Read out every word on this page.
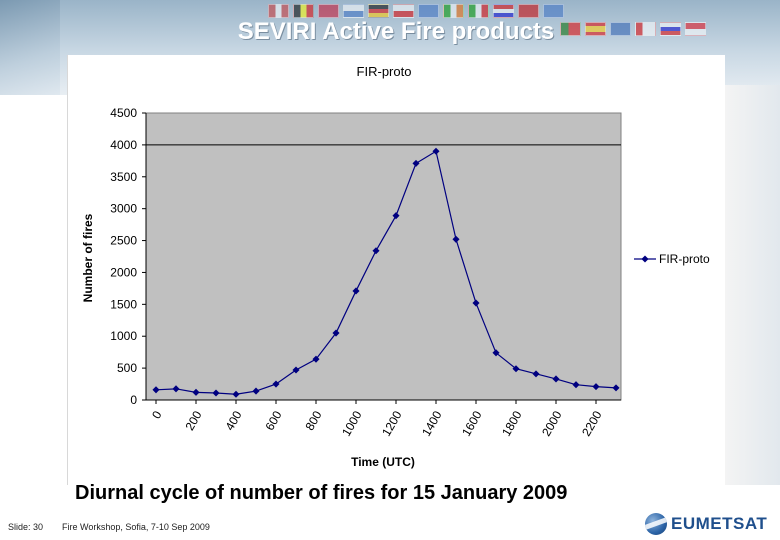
SEVIRI Active Fire products
0
500
1000
1500
2000
2500
3000
3500
4000
4500
0 200 400 600 800 1000 1200 1400 1600 1800 2000 2200
FIR-proto
Time (UTC)
Number of fires	FIR-proto
Diurnal cycle of number of fires for 15 January 2009
Slide: 30 Fire Workshop, Sofia, 7-10 Sep 2009	EUMETSAT
